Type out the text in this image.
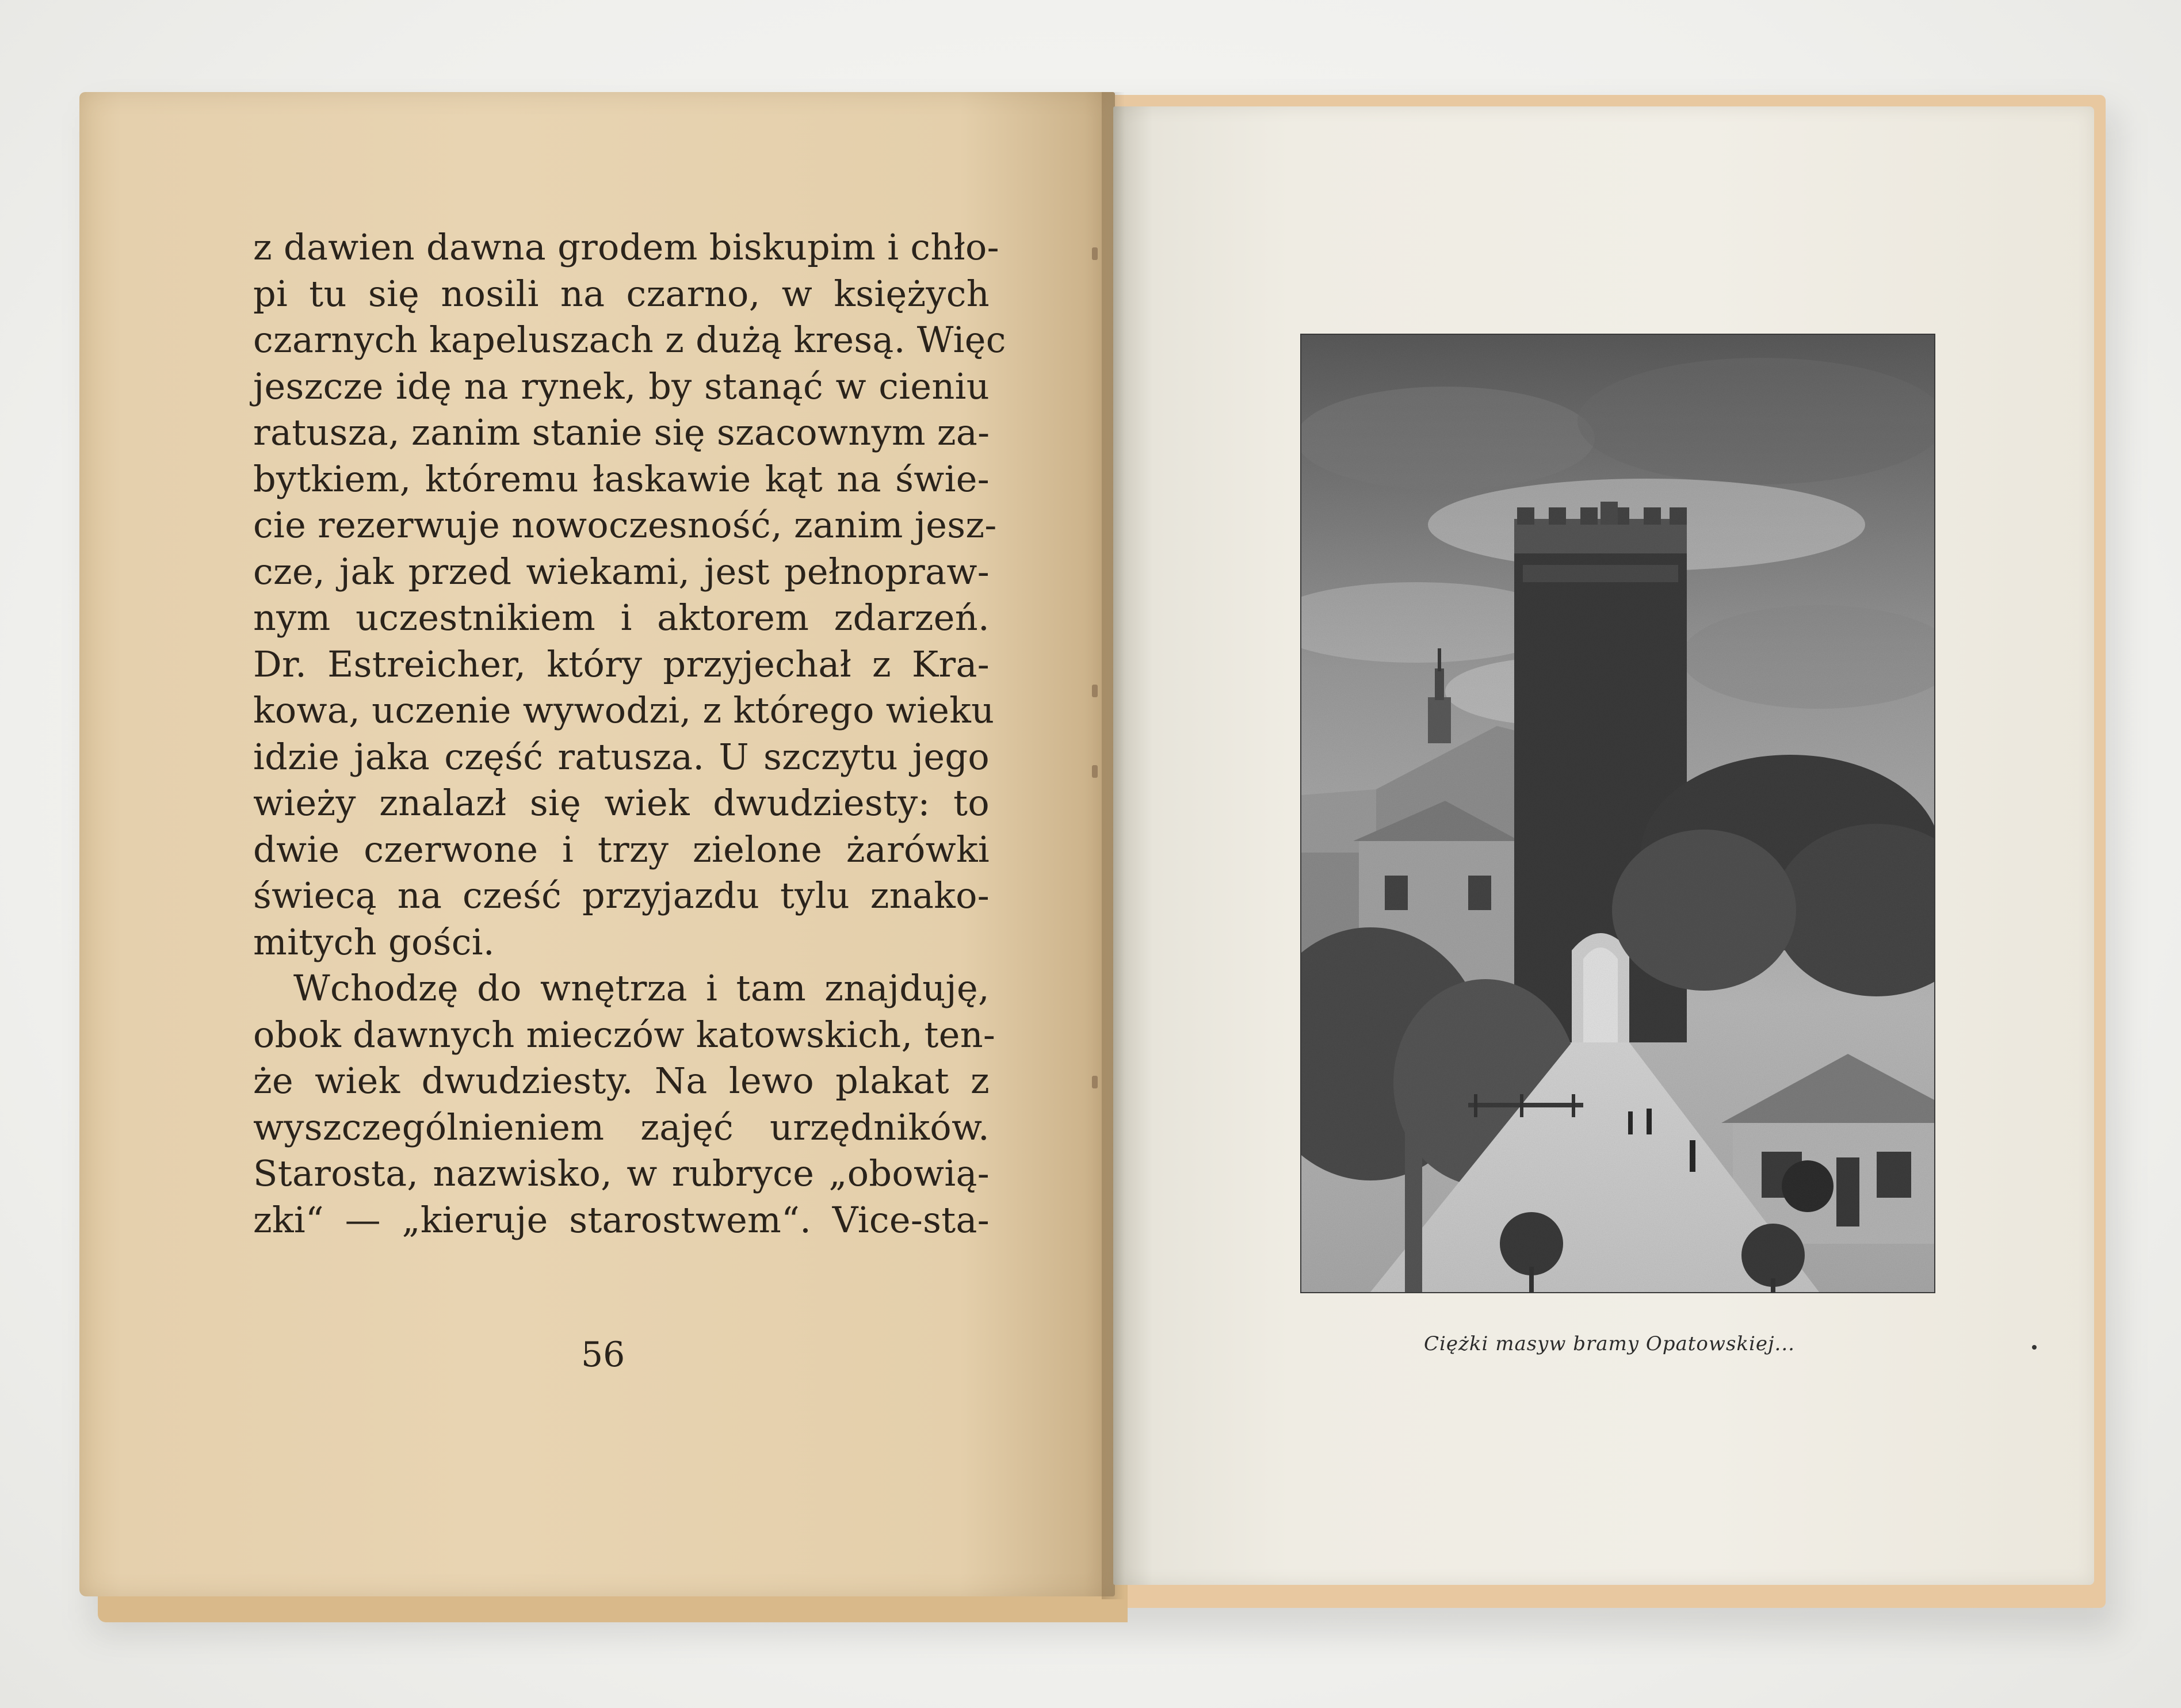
z dawien dawna grodem biskupim i chło-
pi tu się nosili na czarno, w księżych
czarnych kapeluszach z dużą kresą. Więc
jeszcze idę na rynek, by stanąć w cieniu
ratusza, zanim stanie się szacownym za-
bytkiem, któremu łaskawie kąt na świe-
cie rezerwuje nowoczesność, zanim jesz-
cze, jak przed wiekami, jest pełnopraw-
nym uczestnikiem i aktorem zdarzeń.
Dr. Estreicher, który przyjechał z Kra-
kowa, uczenie wywodzi, z którego wieku
idzie jaka część ratusza. U szczytu jego
wieży znalazł się wiek dwudziesty: to
dwie czerwone i trzy zielone żarówki
świecą na cześć przyjazdu tylu znako-
mitych gości.
Wchodzę do wnętrza i tam znajduję,
obok dawnych mieczów katowskich, ten-
że wiek dwudziesty. Na lewo plakat z
wyszczególnieniem zajęć urzędników.
Starosta, nazwisko, w rubryce „obowią-
zki“ — „kieruje starostwem“. Vice-sta-
56	Ciężki masyw bramy Opatowskiej...
